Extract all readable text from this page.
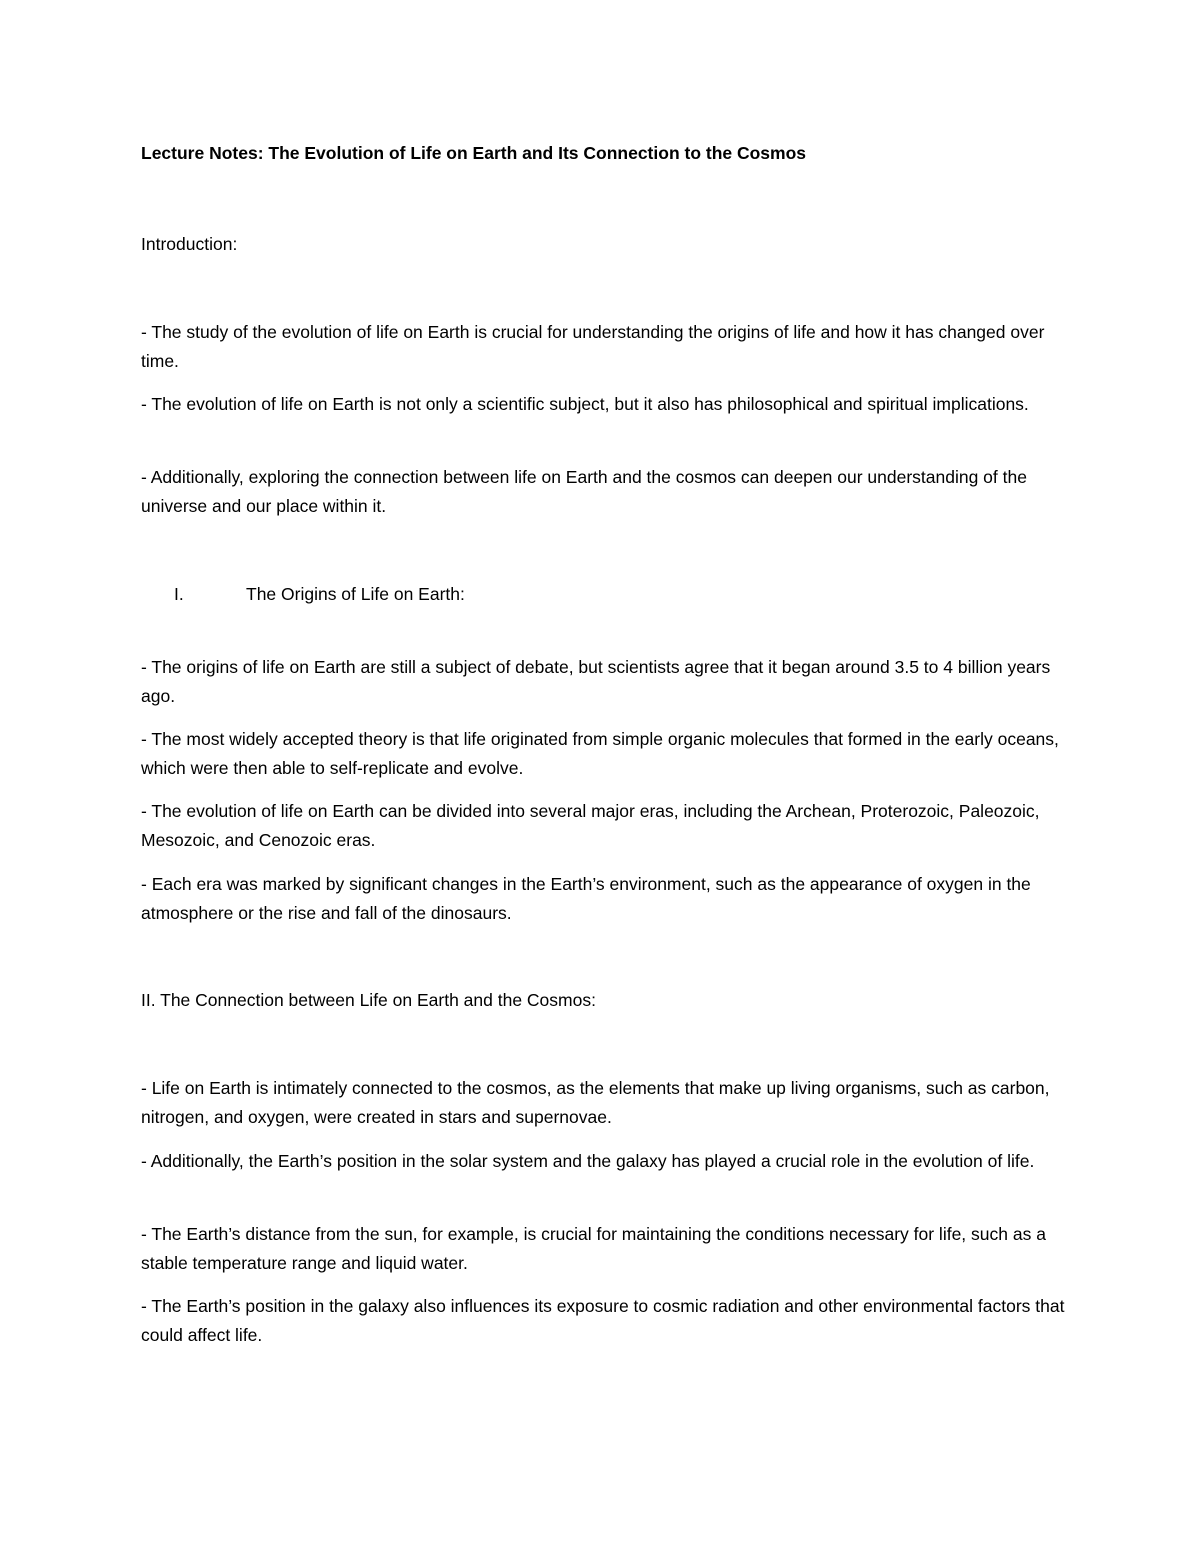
Lecture Notes: The Evolution of Life on Earth and Its Connection to the Cosmos
Introduction:
- The study of the evolution of life on Earth is crucial for understanding the origins of life and how it has changed over time.
- The evolution of life on Earth is not only a scientific subject, but it also has philosophical and spiritual implications.
- Additionally, exploring the connection between life on Earth and the cosmos can deepen our understanding of the universe and our place within it.
I.	The Origins of Life on Earth:
- The origins of life on Earth are still a subject of debate, but scientists agree that it began around 3.5 to 4 billion years ago.
- The most widely accepted theory is that life originated from simple organic molecules that formed in the early oceans, which were then able to self-replicate and evolve.
- The evolution of life on Earth can be divided into several major eras, including the Archean, Proterozoic, Paleozoic, Mesozoic, and Cenozoic eras.
- Each era was marked by significant changes in the Earth’s environment, such as the appearance of oxygen in the atmosphere or the rise and fall of the dinosaurs.
II. The Connection between Life on Earth and the Cosmos:
- Life on Earth is intimately connected to the cosmos, as the elements that make up living organisms, such as carbon, nitrogen, and oxygen, were created in stars and supernovae.
- Additionally, the Earth’s position in the solar system and the galaxy has played a crucial role in the evolution of life.
- The Earth’s distance from the sun, for example, is crucial for maintaining the conditions necessary for life, such as a stable temperature range and liquid water.
- The Earth’s position in the galaxy also influences its exposure to cosmic radiation and other environmental factors that could affect life.
